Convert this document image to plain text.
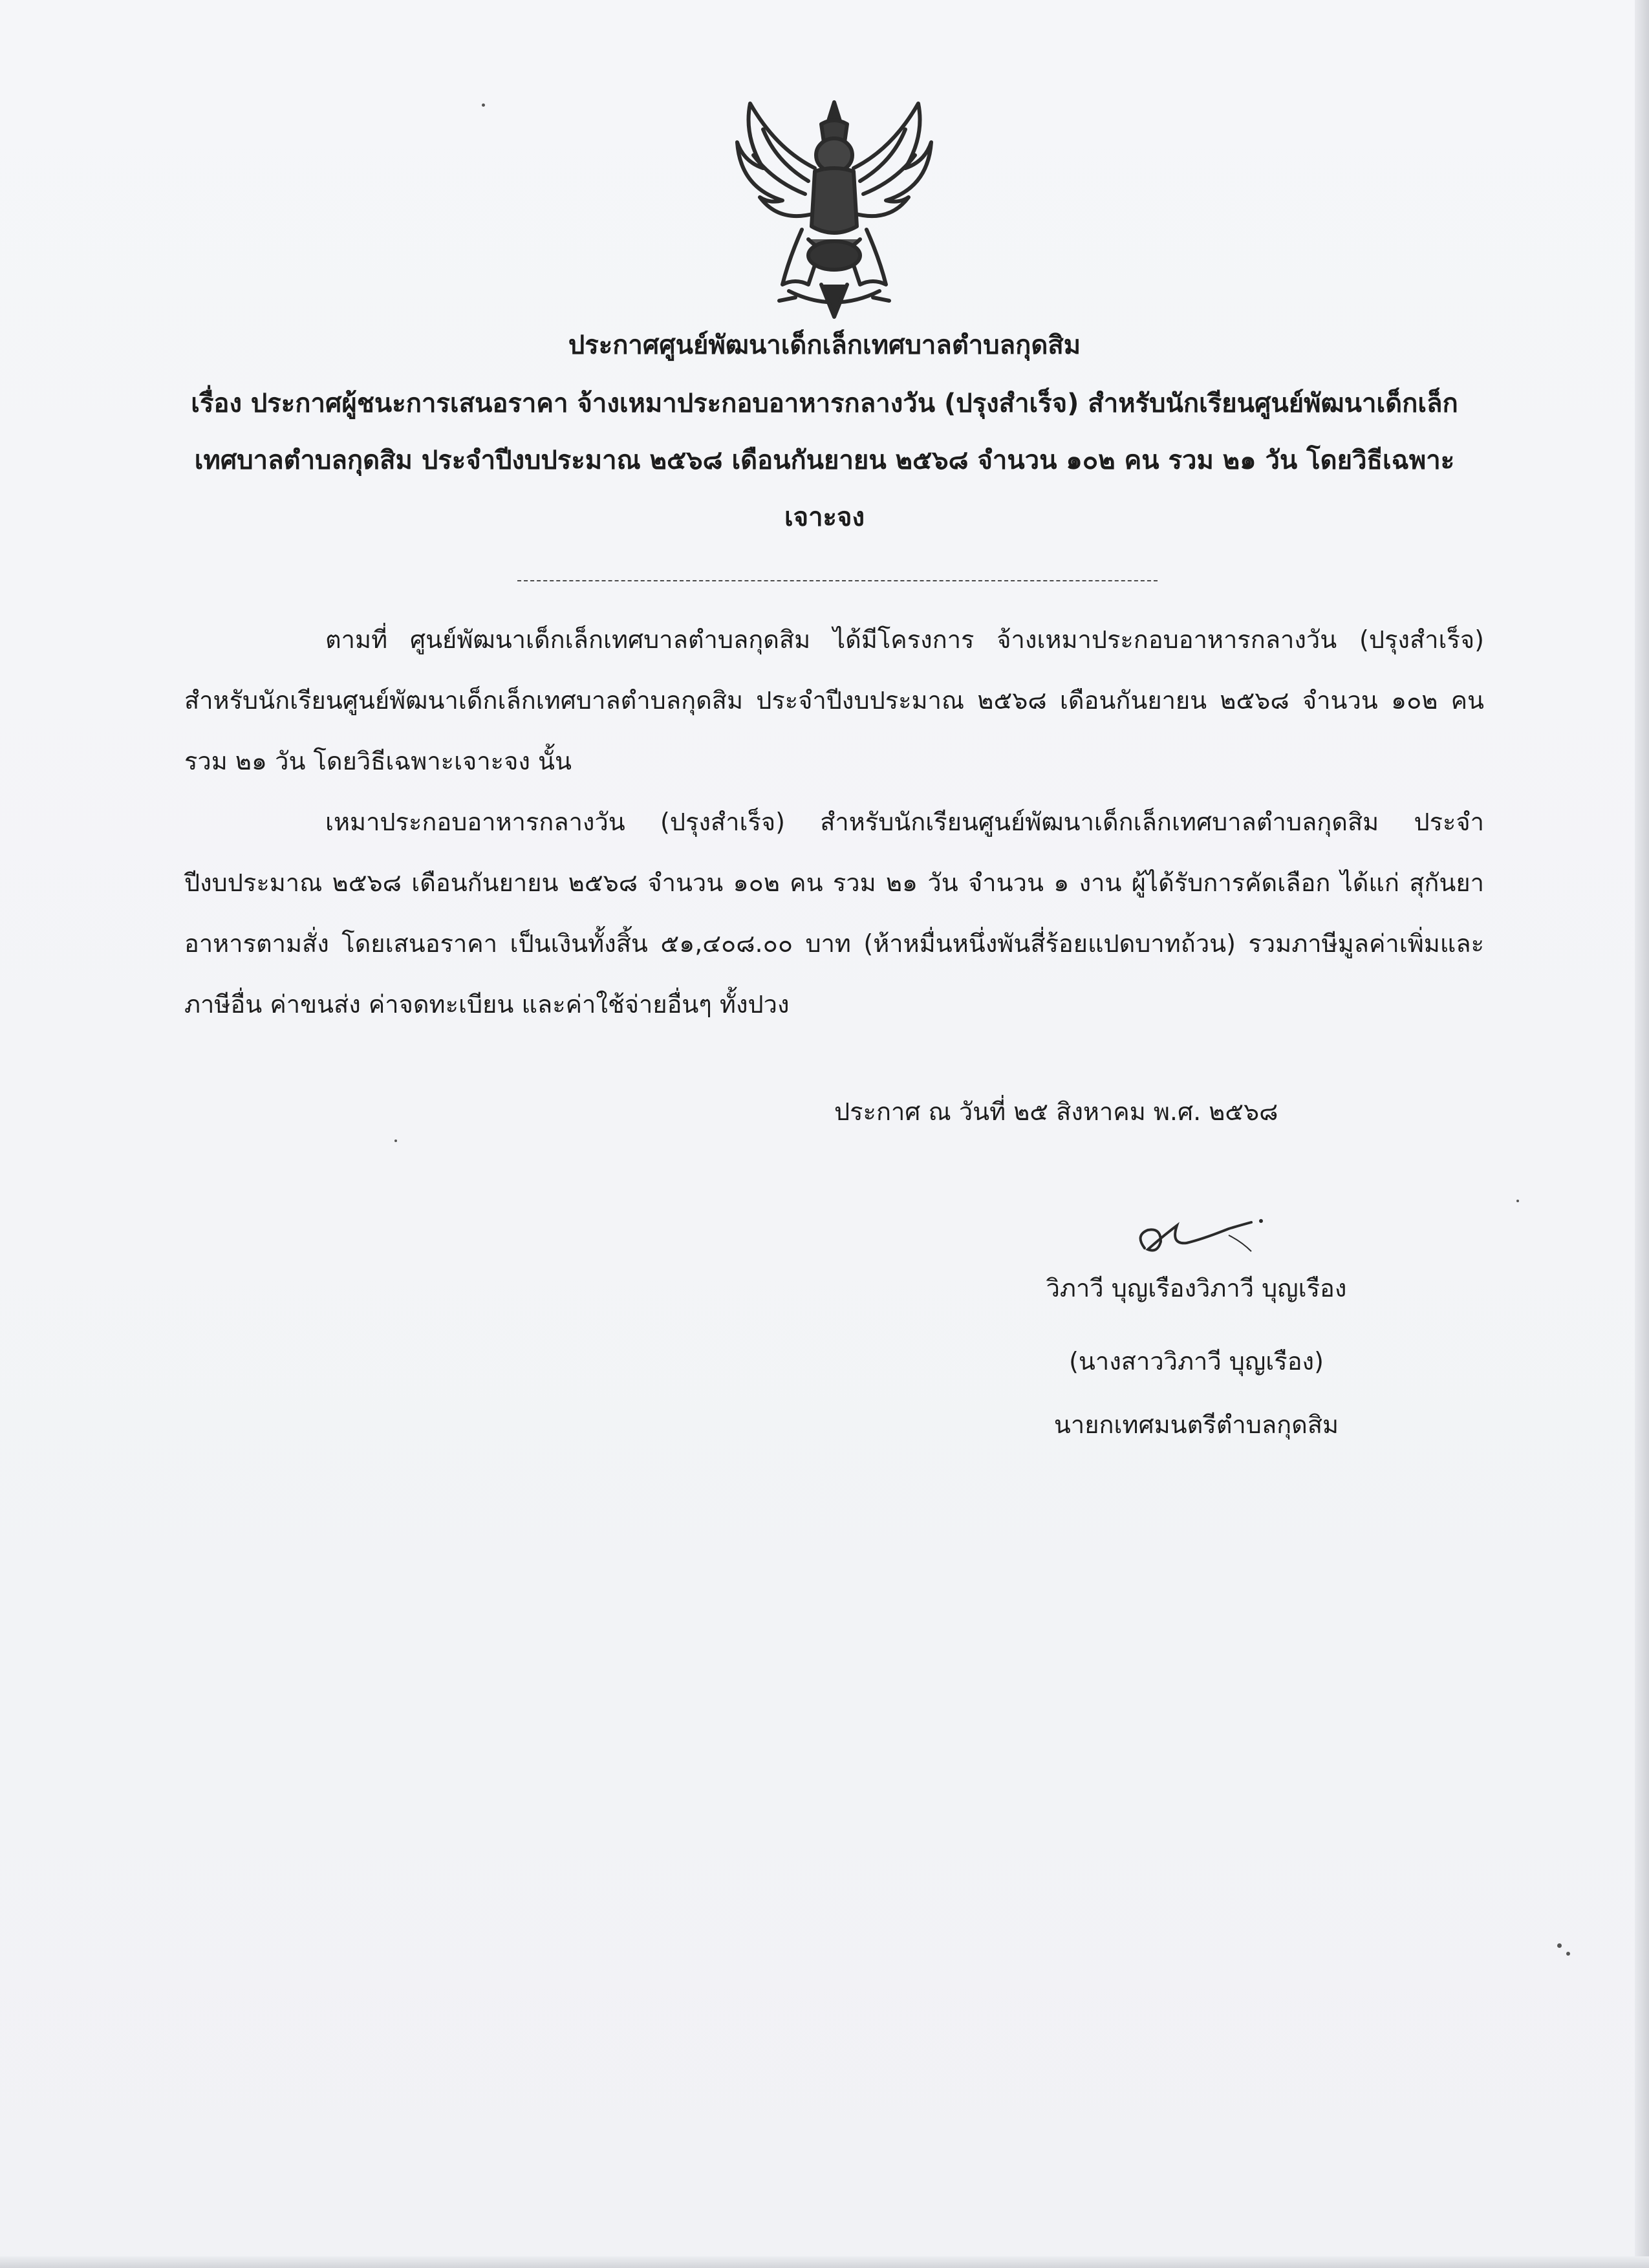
ประกาศศูนย์พัฒนาเด็กเล็กเทศบาลตำบลกุดสิม
เรื่อง ประกาศผู้ชนะการเสนอราคา จ้างเหมาประกอบอาหารกลางวัน (ปรุงสำเร็จ) สำหรับนักเรียนศูนย์พัฒนาเด็กเล็กเทศบาลตำบลกุดสิม ประจำปีงบประมาณ ๒๕๖๘ เดือนกันยายน ๒๕๖๘ จำนวน ๑๐๒ คน รวม ๒๑ วัน โดยวิธีเฉพาะเจาะจง
ตามที่ ศูนย์พัฒนาเด็กเล็กเทศบาลตำบลกุดสิม ได้มีโครงการ จ้างเหมาประกอบอาหารกลางวัน (ปรุงสำเร็จ) สำหรับนักเรียนศูนย์พัฒนาเด็กเล็กเทศบาลตำบลกุดสิม ประจำปีงบประมาณ ๒๕๖๘ เดือนกันยายน ๒๕๖๘ จำนวน ๑๐๒ คน รวม ๒๑ วัน โดยวิธีเฉพาะเจาะจง นั้น
เหมาประกอบอาหารกลางวัน (ปรุงสำเร็จ) สำหรับนักเรียนศูนย์พัฒนาเด็กเล็กเทศบาลตำบลกุดสิม ประจำปีงบประมาณ ๒๕๖๘ เดือนกันยายน ๒๕๖๘ จำนวน ๑๐๒ คน รวม ๒๑ วัน จำนวน ๑ งาน ผู้ได้รับการคัดเลือก ได้แก่ สุกันยา อาหารตามสั่ง โดยเสนอราคา เป็นเงินทั้งสิ้น ๕๑,๔๐๘.๐๐ บาท (ห้าหมื่นหนึ่งพันสี่ร้อยแปดบาทถ้วน) รวมภาษีมูลค่าเพิ่มและภาษีอื่น ค่าขนส่ง ค่าจดทะเบียน และค่าใช้จ่ายอื่นๆ ทั้งปวง
ประกาศ ณ วันที่ ๒๕ สิงหาคม พ.ศ. ๒๕๖๘
วิภาวี บุญเรืองวิภาวี บุญเรือง
(นางสาววิภาวี บุญเรือง)
นายกเทศมนตรีตำบลกุดสิม
